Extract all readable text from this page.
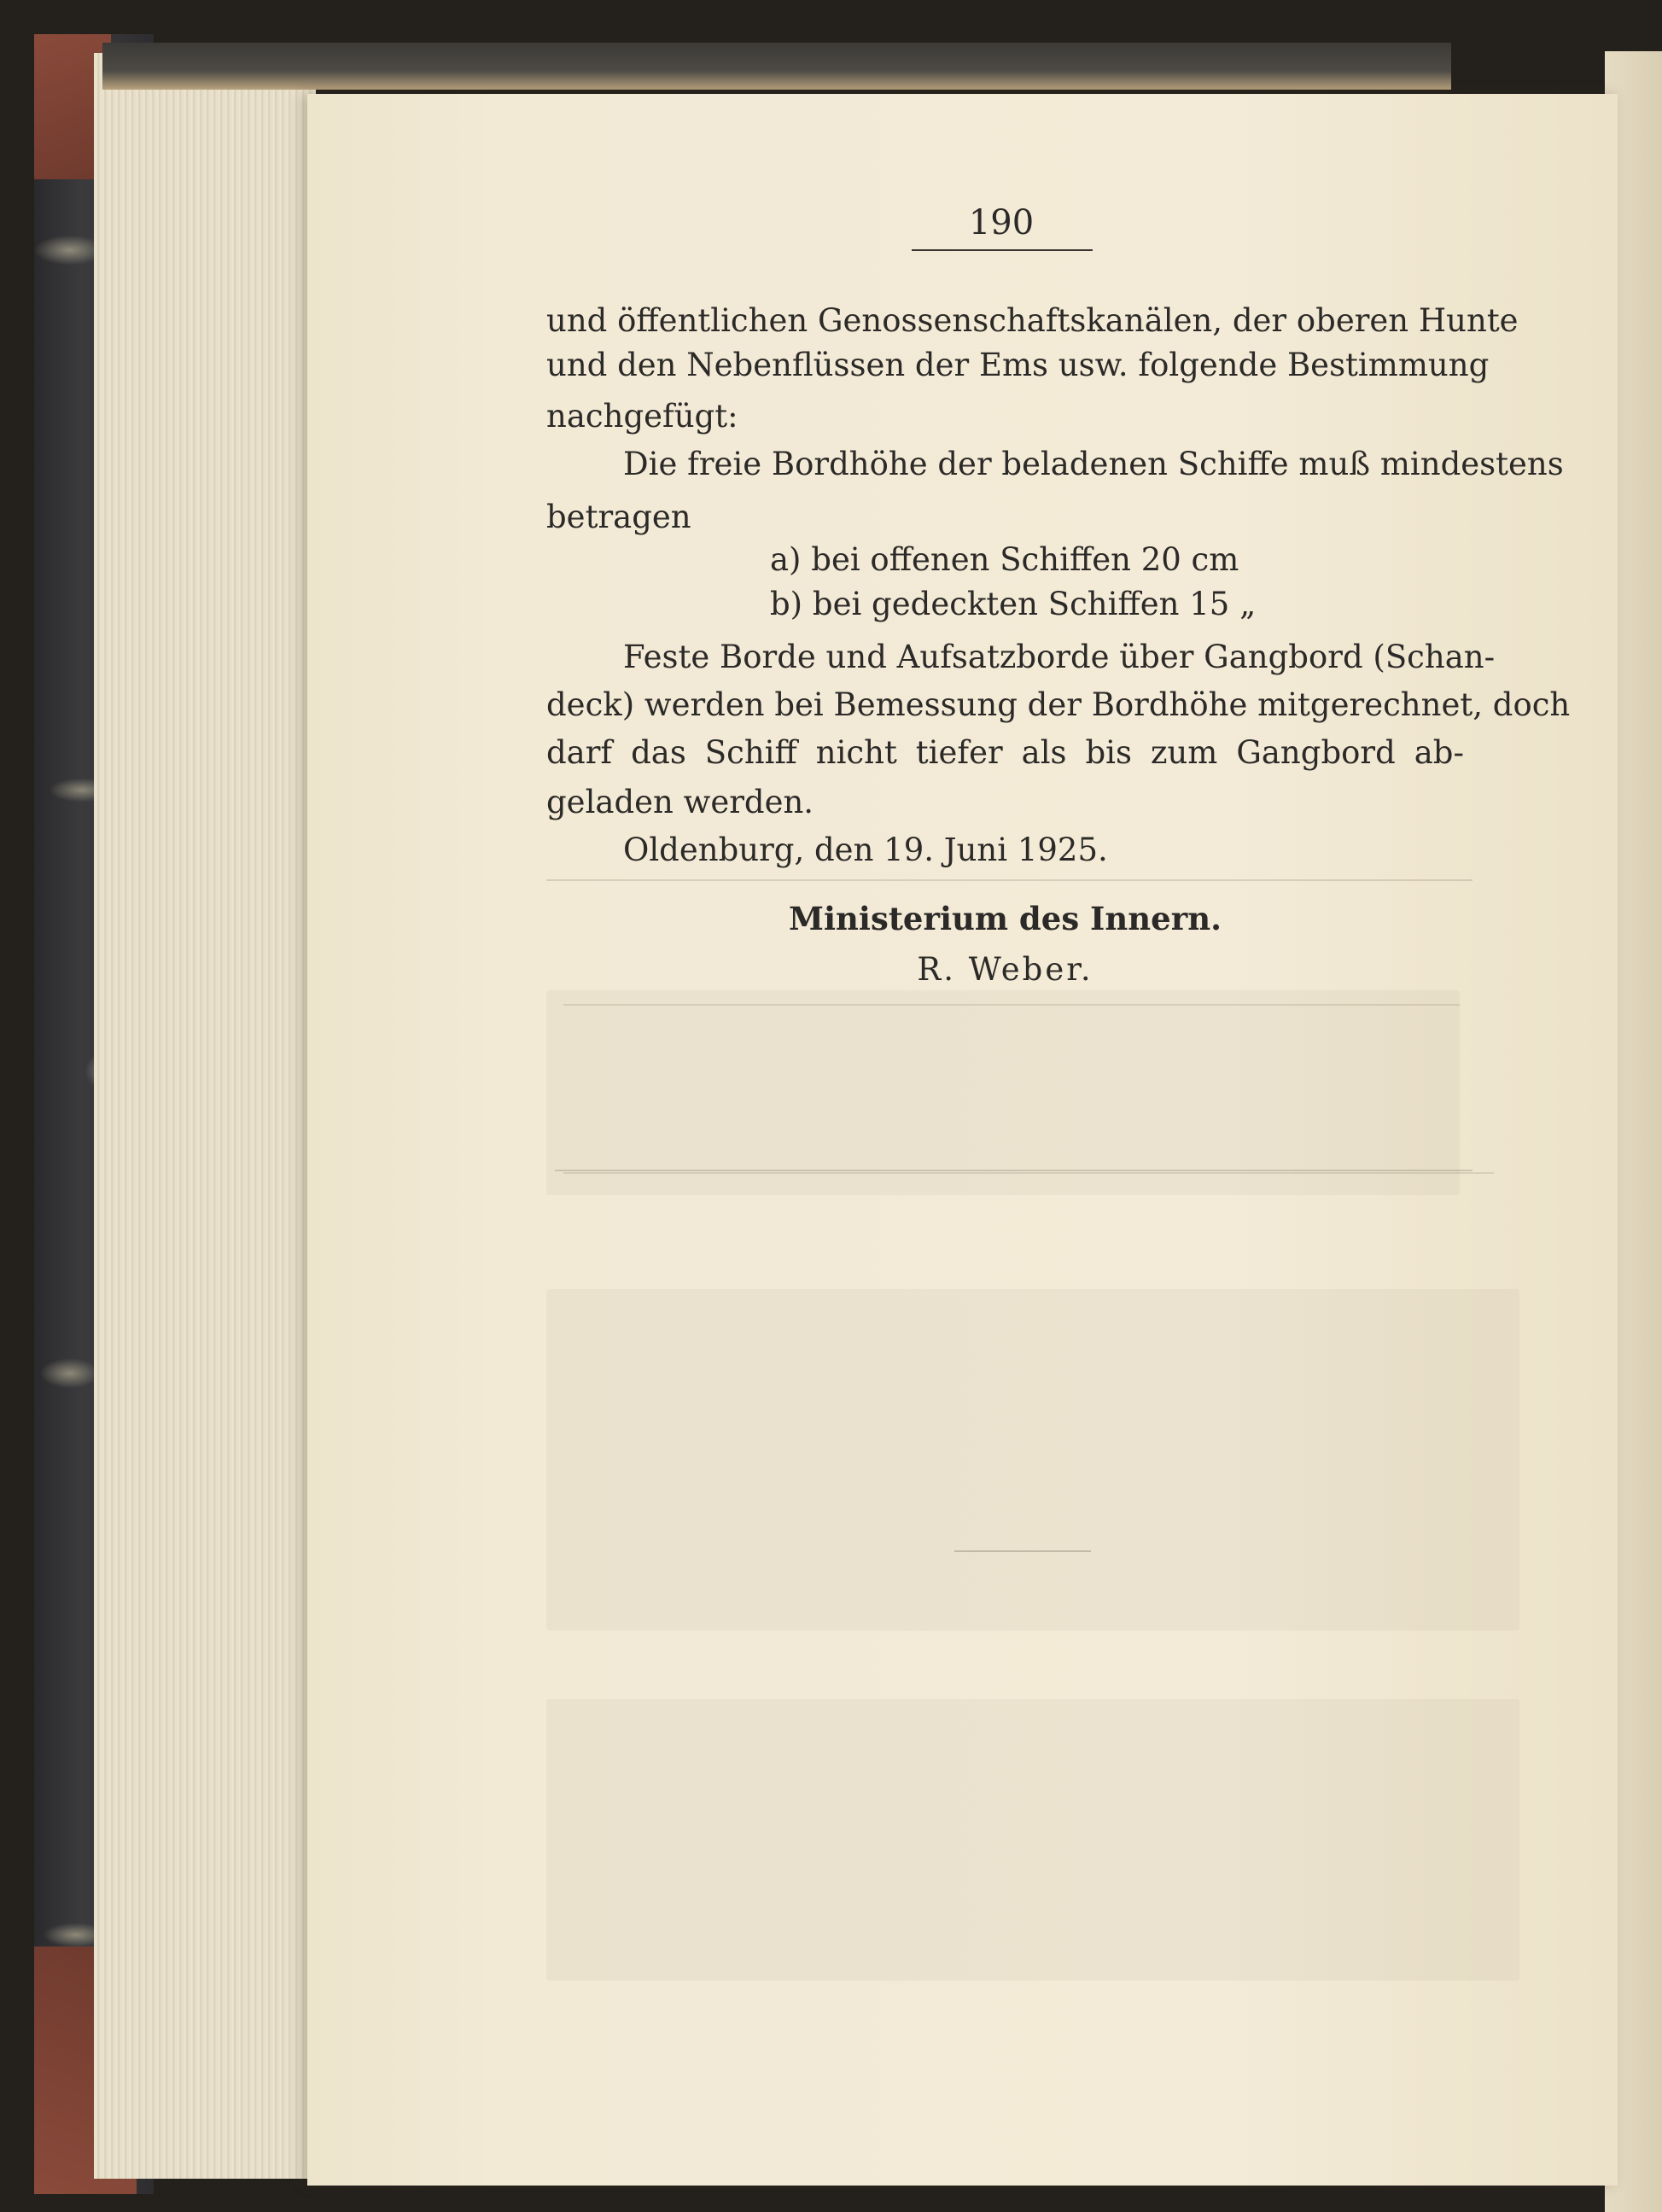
190
und öffentlichen Genossenschaftskanälen, der oberen Hunte
und den Nebenflüssen der Ems usw. folgende Bestimmung
nachgefügt:
Die freie Bordhöhe der beladenen Schiffe muß mindestens
betragen
a) bei offenen Schiffen 20 cm
b) bei gedeckten Schiffen 15 „
Feste Borde und Aufsatzborde über Gangbord (Schan-
deck) werden bei Bemessung der Bordhöhe mitgerechnet, doch
darf das Schiff nicht tiefer als bis zum Gangbord ab-
geladen werden.
Oldenburg, den 19. Juni 1925.
Ministerium des Innern.
R. Weber.
